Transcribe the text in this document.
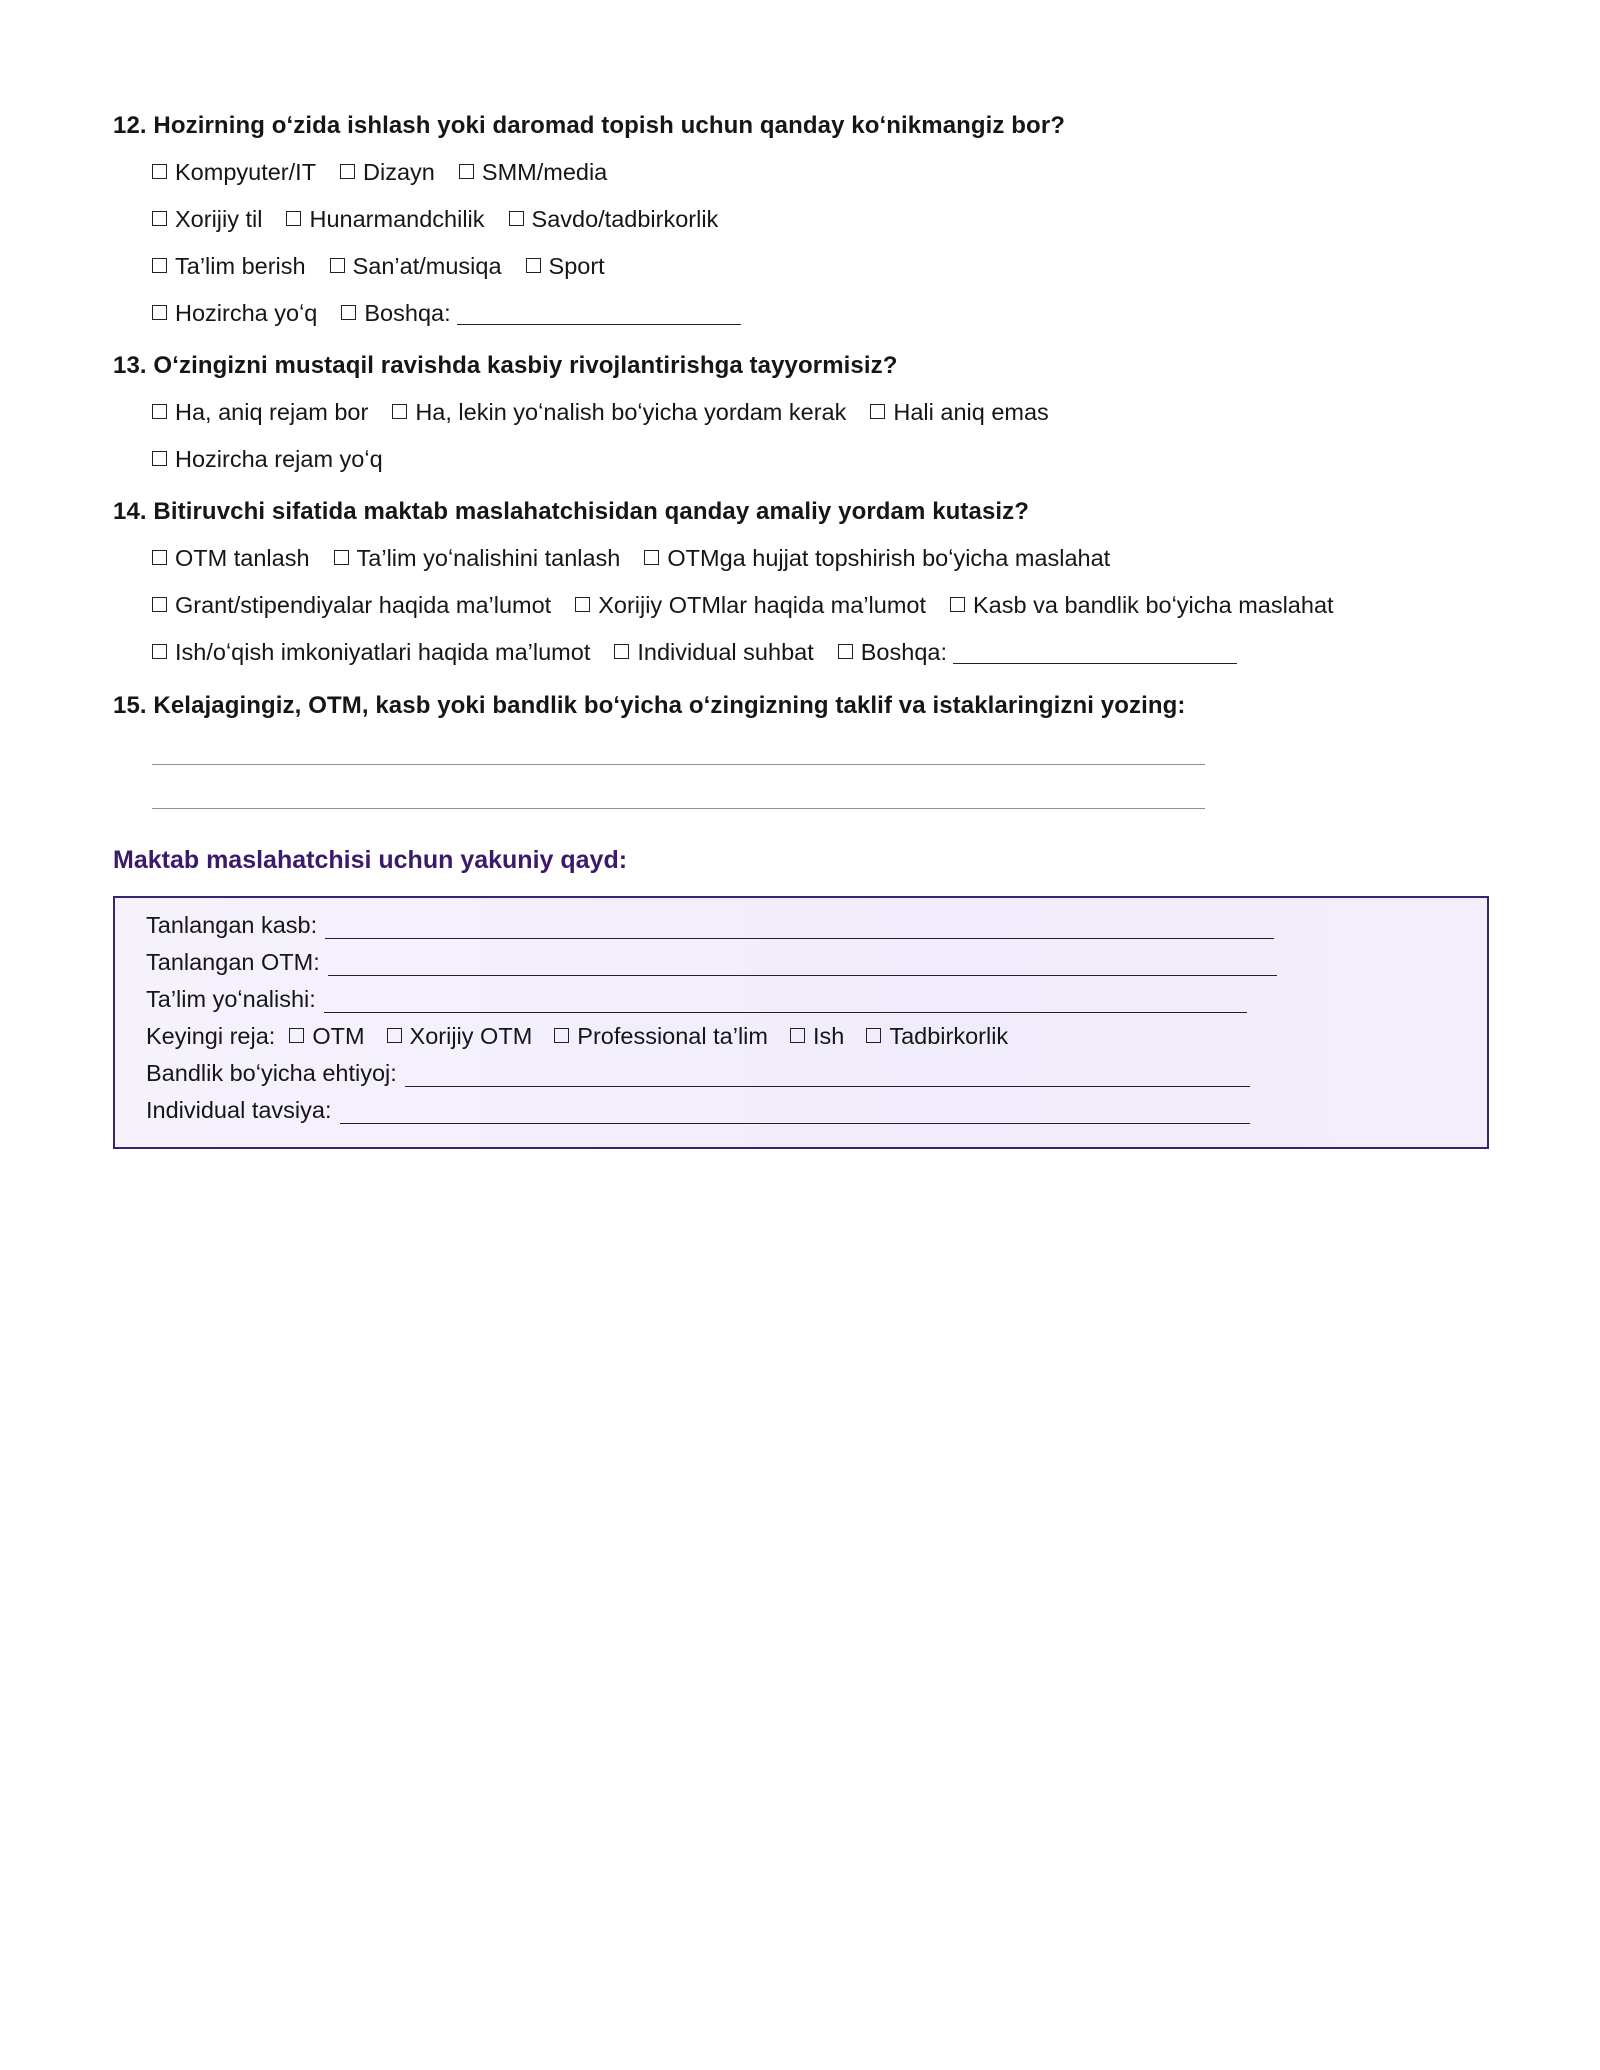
12. Hozirning oʻzida ishlash yoki daromad topish uchun qanday koʻnikmangiz bor?
Kompyuter/IT Dizayn SMM/media
Xorijiy til Hunarmandchilik Savdo/tadbirkorlik
Ta’lim berish San’at/musiqa Sport
Hozircha yoʻq Boshqa:
13. Oʻzingizni mustaqil ravishda kasbiy rivojlantirishga tayyormisiz?
Ha, aniq rejam bor Ha, lekin yoʻnalish boʻyicha yordam kerak Hali aniq emas
Hozircha rejam yoʻq
14. Bitiruvchi sifatida maktab maslahatchisidan qanday amaliy yordam kutasiz?
OTM tanlash Ta’lim yoʻnalishini tanlash OTMga hujjat topshirish boʻyicha maslahat
Grant/stipendiyalar haqida ma’lumot Xorijiy OTMlar haqida ma’lumot Kasb va bandlik boʻyicha maslahat
Ish/oʻqish imkoniyatlari haqida ma’lumot Individual suhbat Boshqa:
15. Kelajagingiz, OTM, kasb yoki bandlik boʻyicha oʻzingizning taklif va istaklaringizni yozing:
Maktab maslahatchisi uchun yakuniy qayd:
Tanlangan kasb:
Tanlangan OTM:
Ta’lim yoʻnalishi:
Keyingi reja: OTM Xorijiy OTM Professional ta’lim Ish Tadbirkorlik
Bandlik boʻyicha ehtiyoj:
Individual tavsiya:
